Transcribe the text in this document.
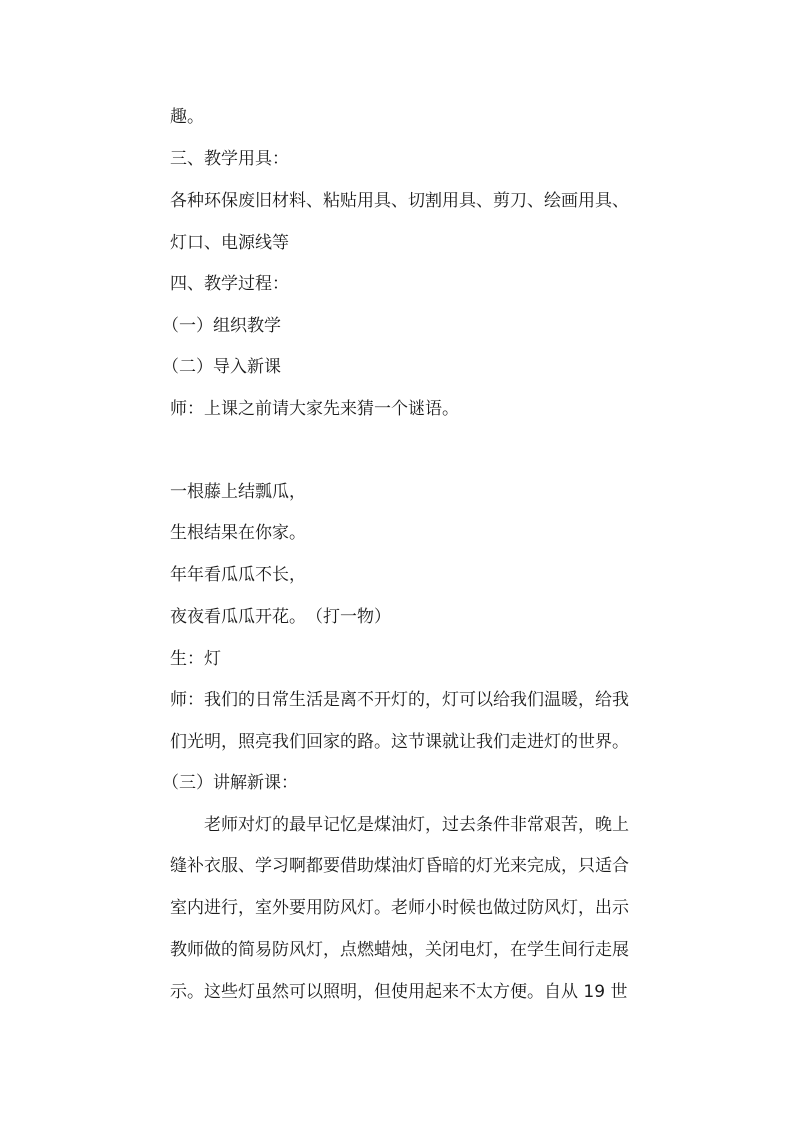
趣。
三、教学用具：
各种环保废旧材料、粘贴用具、切割用具、剪刀、绘画用具、
灯口、电源线等
四、教学过程：
（一）组织教学
（二）导入新课
师：上课之前请大家先来猜一个谜语。
一根藤上结瓢瓜，
生根结果在你家。
年年看瓜瓜不长，
夜夜看瓜瓜开花。　（打一物）
生：灯
师：我们的日常生活是离不开灯的，灯可以给我们温暖，给我
们光明，照亮我们回家的路。这节课就让我们走进灯的世界。
（三）讲解新课：
老师对灯的最早记忆是煤油灯，过去条件非常艰苦，晚上
缝补衣服、学习啊都要借助煤油灯昏暗的灯光来完成，只适合
室内进行，室外要用防风灯。老师小时候也做过防风灯，出示
教师做的简易防风灯，点燃蜡烛，关闭电灯，在学生间行走展
示。这些灯虽然可以照明，但使用起来不太方便。自从 19 世
